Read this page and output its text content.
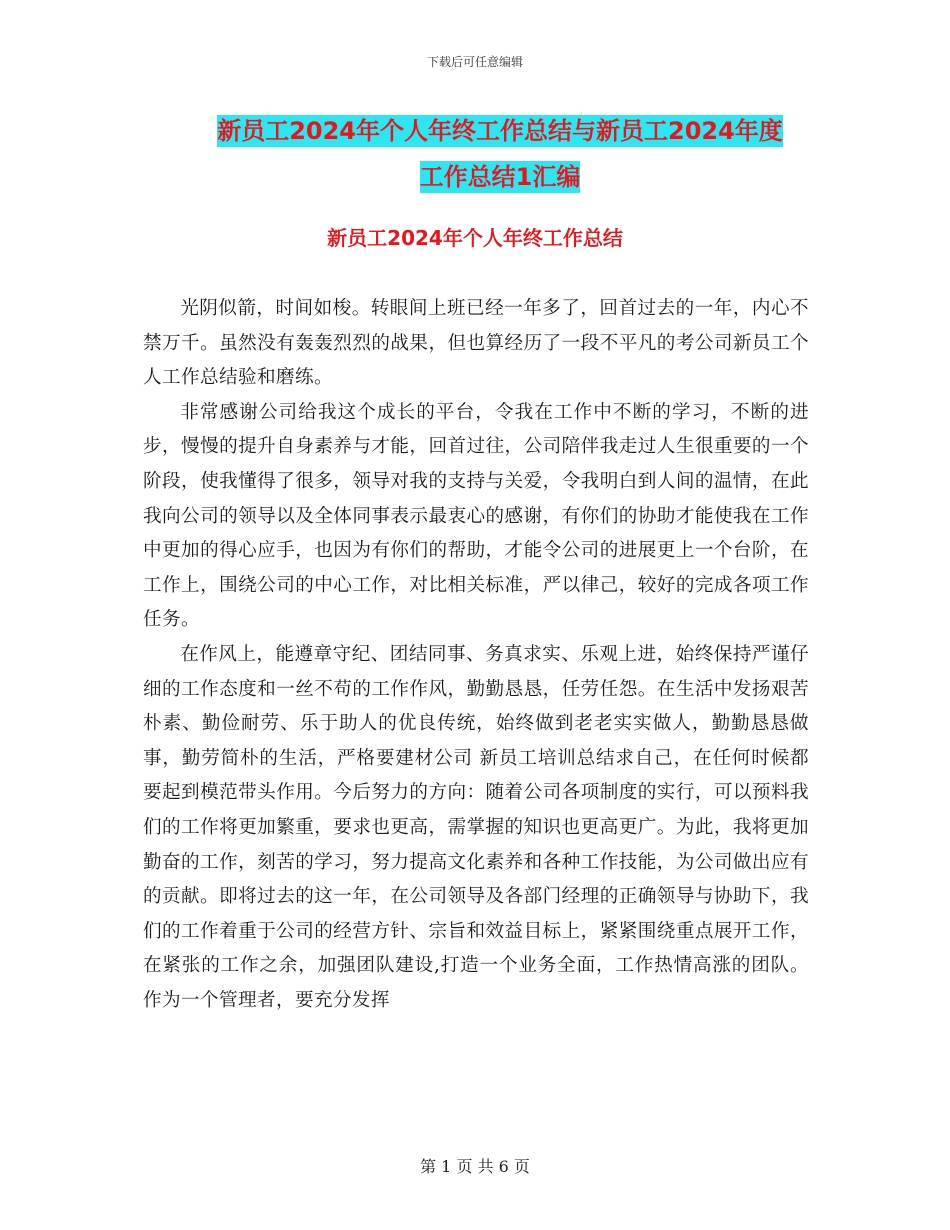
下载后可任意编辑
新员工2024年个人年终工作总结与新员工2024年度
工作总结1汇编
新员工2024年个人年终工作总结

光阴似箭，时间如梭。转眼间上班已经一年多了，回首过去的一年，内心不禁万千。虽然没有轰轰烈烈的战果，但也算经历了一段不平凡的考公司新员工个人工作总结验和磨练。

非常感谢公司给我这个成长的平台，令我在工作中不断的学习，不断的进步，慢慢的提升自身素养与才能，回首过往，公司陪伴我走过人生很重要的一个阶段，使我懂得了很多，领导对我的支持与关爱，令我明白到人间的温情，在此我向公司的领导以及全体同事表示最衷心的感谢，有你们的协助才能使我在工作中更加的得心应手，也因为有你们的帮助，才能令公司的进展更上一个台阶，在工作上，围绕公司的中心工作，对比相关标准，严以律己，较好的完成各项工作任务。

在作风上，能遵章守纪、团结同事、务真求实、乐观上进，始终保持严谨仔细的工作态度和一丝不苟的工作作风，勤勤恳恳，任劳任怨。在生活中发扬艰苦朴素、勤俭耐劳、乐于助人的优良传统，始终做到老老实实做人，勤勤恳恳做事，勤劳简朴的生活，严格要建材公司 新员工培训总结求自己，在任何时候都要起到模范带头作用。今后努力的方向：随着公司各项制度的实行，可以预料我们的工作将更加繁重，要求也更高，需掌握的知识也更高更广。为此，我将更加勤奋的工作，刻苦的学习，努力提高文化素养和各种工作技能，为公司做出应有的贡献。即将过去的这一年，在公司领导及各部门经理的正确领导与协助下，我们的工作着重于公司的经营方针、宗旨和效益目标上，紧紧围绕重点展开工作，在紧张的工作之余，加强团队建设,打造一个业务全面，工作热情高涨的团队。作为一个管理者，要充分发挥

第 1 页 共 6 页
